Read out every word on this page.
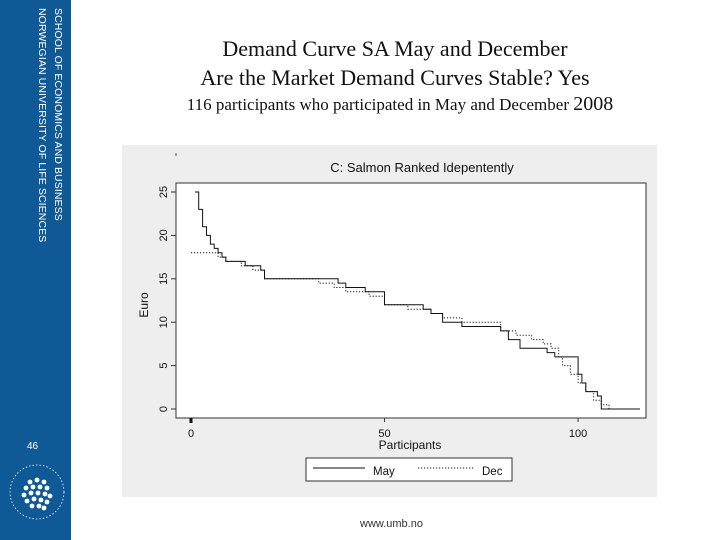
SCHOOL OF ECONOMICS AND BUSINESS
NORWEGIAN UNIVERSITY OF LIFE SCIENCES
46
Demand Curve SA May and December
Are the Market Demand Curves Stable? Yes
116 participants who participated in May and December 2008
C: Salmon Ranked Idepentently
0
5
10
15
20
25
0	50	100
Euro
Participants
May	Dec
www.umb.no
